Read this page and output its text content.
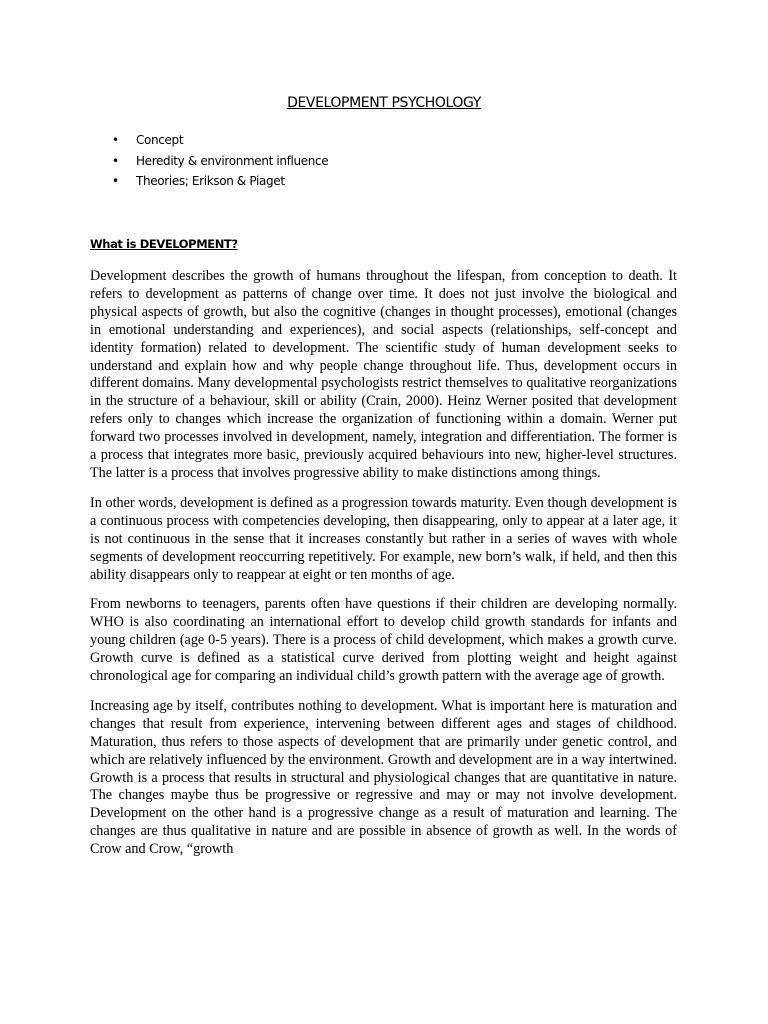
DEVELOPMENT PSYCHOLOGY
• Concept
• Heredity & environment influence
• Theories; Erikson & Piaget
What is DEVELOPMENT?

Development describes the growth of humans throughout the lifespan, from conception to death. It refers to development as patterns of change over time. It does not just involve the biological and physical aspects of growth, but also the cognitive (changes in thought processes), emotional (changes in emotional understanding and experiences), and social aspects (relationships, self-concept and identity formation) related to development. The scientific study of human development seeks to understand and explain how and why people change throughout life. Thus, development occurs in different domains. Many developmental psychologists restrict themselves to qualitative reorganizations in the structure of a behaviour, skill or ability (Crain, 2000). Heinz Werner posited that development refers only to changes which increase the organization of functioning within a domain. Werner put forward two processes involved in development, namely, integration and differentiation. The former is a process that integrates more basic, previously acquired behaviours into new, higher-level structures. The latter is a process that involves progressive ability to make distinctions among things.

In other words, development is defined as a progression towards maturity. Even though development is a continuous process with competencies developing, then disappearing, only to appear at a later age, it is not continuous in the sense that it increases constantly but rather in a series of waves with whole segments of development reoccurring repetitively. For example, new born’s walk, if held, and then this ability disappears only to reappear at eight or ten months of age.

From newborns to teenagers, parents often have questions if their children are developing normally. WHO is also coordinating an international effort to develop child growth standards for infants and young children (age 0-5 years). There is a process of child development, which makes a growth curve. Growth curve is defined as a statistical curve derived from plotting weight and height against chronological age for comparing an individual child’s growth pattern with the average age of growth.

Increasing age by itself, contributes nothing to development. What is important here is maturation and changes that result from experience, intervening between different ages and stages of childhood. Maturation, thus refers to those aspects of development that are primarily under genetic control, and which are relatively influenced by the environment. Growth and development are in a way intertwined. Growth is a process that results in structural and physiological changes that are quantitative in nature. The changes maybe thus be progressive or regressive and may or may not involve development. Development on the other hand is a progressive change as a result of maturation and learning. The changes are thus qualitative in nature and are possible in absence of growth as well. In the words of Crow and Crow, “growth
